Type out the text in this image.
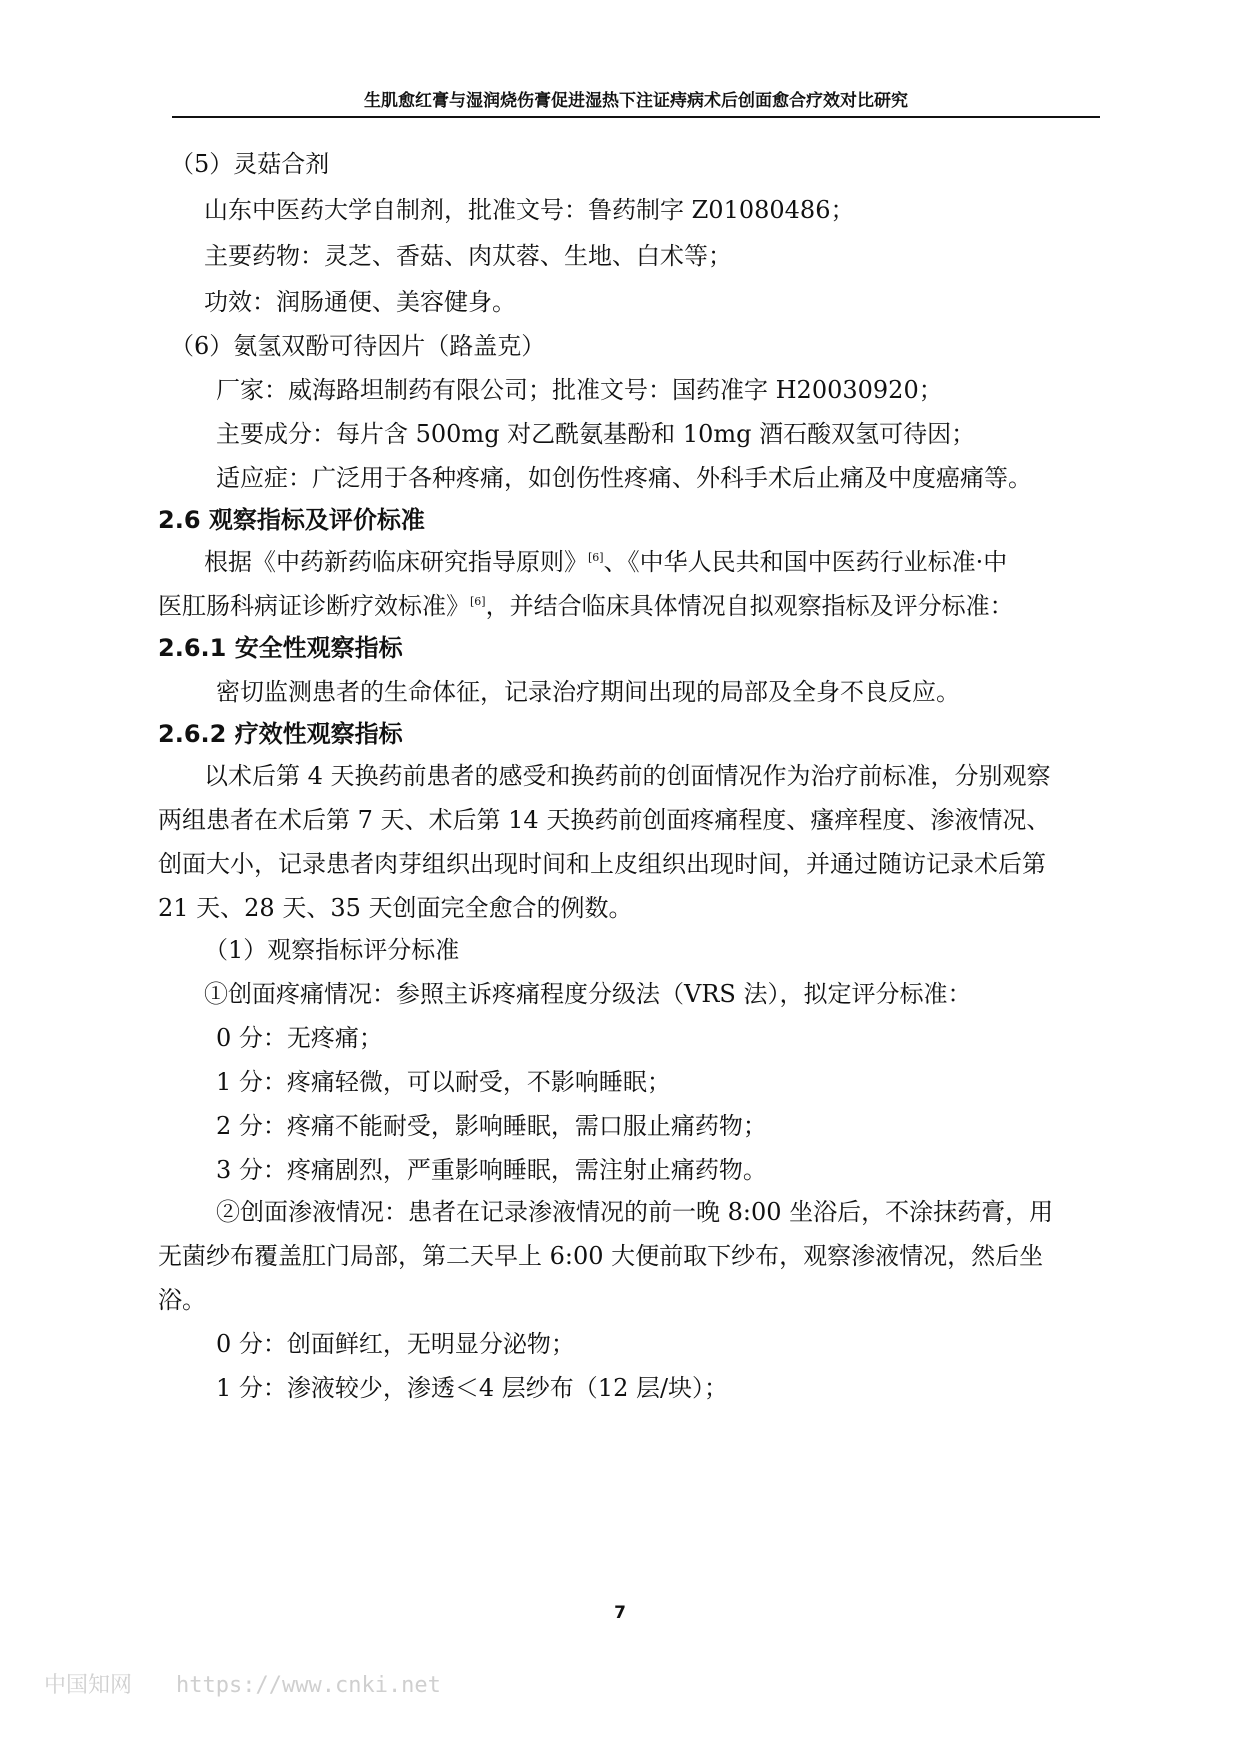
生肌愈红膏与湿润烧伤膏促进湿热下注证痔病术后创面愈合疗效对比研究
（5）灵菇合剂
山东中医药大学自制剂，批准文号：鲁药制字 Z01080486；
主要药物：灵芝、香菇、肉苁蓉、生地、白术等；
功效：润肠通便、美容健身。
（6）氨氢双酚可待因片（路盖克）
厂家：威海路坦制药有限公司；批准文号：国药准字 H20030920；
主要成分：每片含 500mg 对乙酰氨基酚和 10mg 酒石酸双氢可待因；
适应症：广泛用于各种疼痛，如创伤性疼痛、外科手术后止痛及中度癌痛等。
2.6 观察指标及评价标准
根据《中药新药临床研究指导原则》[6]、《中华人民共和国中医药行业标准·中
医肛肠科病证诊断疗效标准》[6]，并结合临床具体情况自拟观察指标及评分标准：
2.6.1 安全性观察指标
密切监测患者的生命体征，记录治疗期间出现的局部及全身不良反应。
2.6.2 疗效性观察指标
以术后第 4 天换药前患者的感受和换药前的创面情况作为治疗前标准，分别观察
两组患者在术后第 7 天、术后第 14 天换药前创面疼痛程度、瘙痒程度、渗液情况、
创面大小，记录患者肉芽组织出现时间和上皮组织出现时间，并通过随访记录术后第
21 天、28 天、35 天创面完全愈合的例数。
（1）观察指标评分标准
①创面疼痛情况：参照主诉疼痛程度分级法（VRS 法），拟定评分标准：
0 分：无疼痛；
1 分：疼痛轻微，可以耐受，不影响睡眠；
2 分：疼痛不能耐受，影响睡眠，需口服止痛药物；
3 分：疼痛剧烈，严重影响睡眠，需注射止痛药物。
②创面渗液情况：患者在记录渗液情况的前一晚 8:00 坐浴后，不涂抹药膏，用
无菌纱布覆盖肛门局部，第二天早上 6:00 大便前取下纱布，观察渗液情况，然后坐
浴。
0 分：创面鲜红，无明显分泌物；
1 分：渗液较少，渗透＜4 层纱布（12 层/块）；
7
中国知网 https://www.cnki.net
